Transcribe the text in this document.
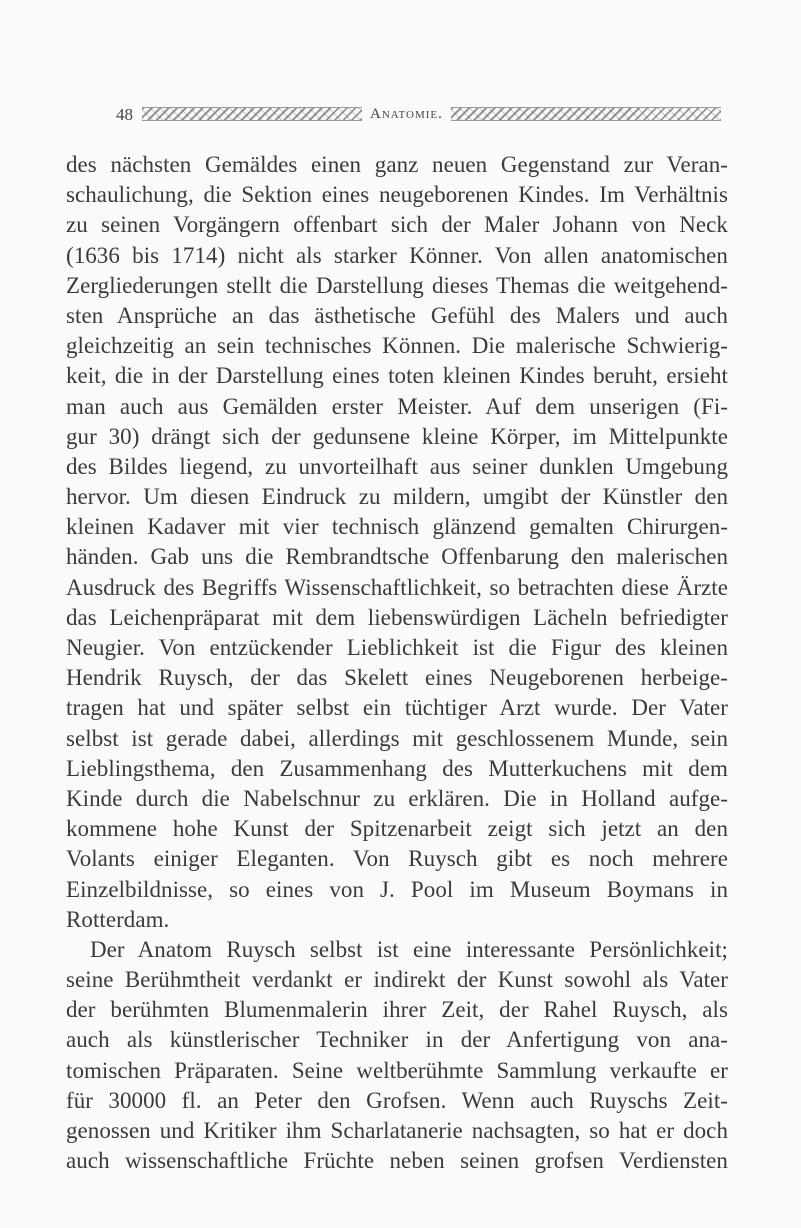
48	Anatomie.
des nächsten Gemäldes einen ganz neuen Gegenstand zur Veran-
schaulichung, die Sektion eines neugeborenen Kindes. Im Verhältnis
zu seinen Vorgängern offenbart sich der Maler Johann von Neck
(1636 bis 1714) nicht als starker Könner. Von allen anatomischen
Zergliederungen stellt die Darstellung dieses Themas die weitgehend-
sten Ansprüche an das ästhetische Gefühl des Malers und auch
gleichzeitig an sein technisches Können. Die malerische Schwierig-
keit, die in der Darstellung eines toten kleinen Kindes beruht, ersieht
man auch aus Gemälden erster Meister. Auf dem unserigen (Fi-
gur 30) drängt sich der gedunsene kleine Körper, im Mittelpunkte
des Bildes liegend, zu unvorteilhaft aus seiner dunklen Umgebung
hervor. Um diesen Eindruck zu mildern, umgibt der Künstler den
kleinen Kadaver mit vier technisch glänzend gemalten Chirurgen-
händen. Gab uns die Rembrandtsche Offenbarung den malerischen
Ausdruck des Begriffs Wissenschaftlichkeit, so betrachten diese Ärzte
das Leichenpräparat mit dem liebenswürdigen Lächeln befriedigter
Neugier. Von entzückender Lieblichkeit ist die Figur des kleinen
Hendrik Ruysch, der das Skelett eines Neugeborenen herbeige-
tragen hat und später selbst ein tüchtiger Arzt wurde. Der Vater
selbst ist gerade dabei, allerdings mit geschlossenem Munde, sein
Lieblingsthema, den Zusammenhang des Mutterkuchens mit dem
Kinde durch die Nabelschnur zu erklären. Die in Holland aufge-
kommene hohe Kunst der Spitzenarbeit zeigt sich jetzt an den
Volants einiger Eleganten. Von Ruysch gibt es noch mehrere
Einzelbildnisse, so eines von J. Pool im Museum Boymans in
Rotterdam.
Der Anatom Ruysch selbst ist eine interessante Persönlichkeit;
seine Berühmtheit verdankt er indirekt der Kunst sowohl als Vater
der berühmten Blumenmalerin ihrer Zeit, der Rahel Ruysch, als
auch als künstlerischer Techniker in der Anfertigung von ana-
tomischen Präparaten. Seine weltberühmte Sammlung verkaufte er
für 30000 fl. an Peter den Grofsen. Wenn auch Ruyschs Zeit-
genossen und Kritiker ihm Scharlatanerie nachsagten, so hat er doch
auch wissenschaftliche Früchte neben seinen grofsen Verdiensten
